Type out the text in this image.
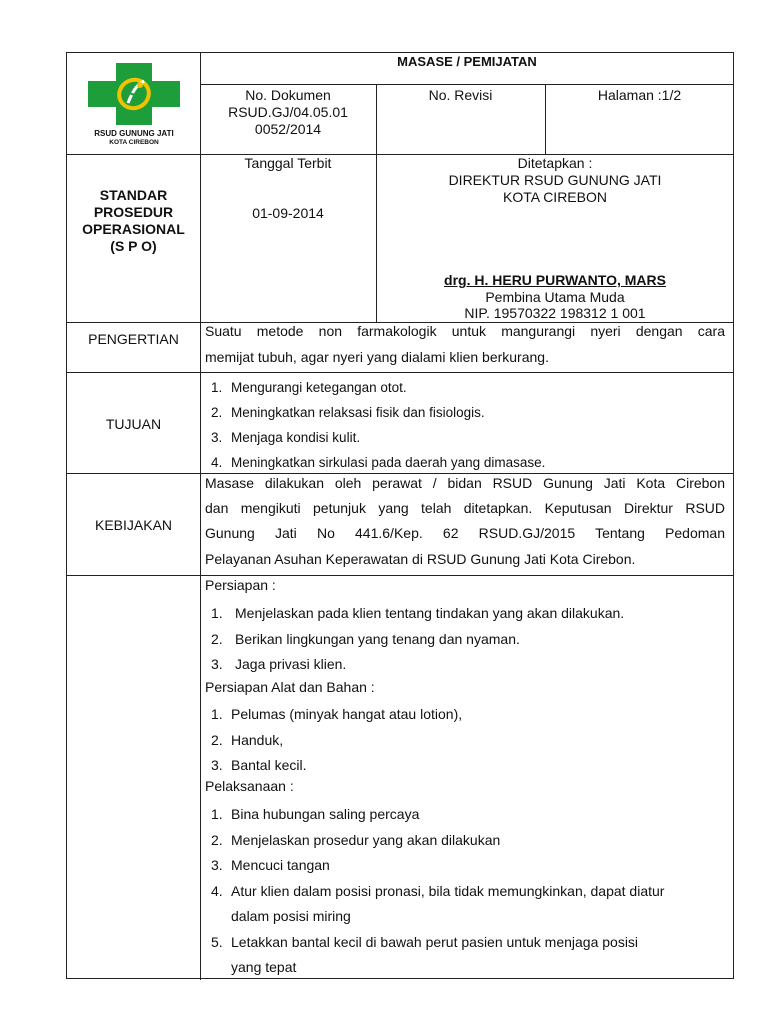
RSUD GUNUNG JATI
KOTA CIREBON
MASASE / PEMIJATAN
No. Dokumen
RSUD.GJ/04.05.01
0052/2014
No. Revisi	Halaman :1/2
STANDAR
PROSEDUR
OPERASIONAL
(S P O)
Tanggal Terbit
01-09-2014
Ditetapkan :
DIREKTUR RSUD GUNUNG JATI
KOTA CIREBON
drg. H. HERU PURWANTO, MARS
Pembina Utama Muda
NIP. 19570322 198312 1 001
PENGERTIAN	Suatu metode non farmakologik untuk mangurangi nyeri dengan cara
memijat tubuh, agar nyeri yang dialami klien berkurang.
TUJUAN
1. Mengurangi ketegangan otot.
2. Meningkatkan relaksasi fisik dan fisiologis.
3. Menjaga kondisi kulit.
4. Meningkatkan sirkulasi pada daerah yang dimasase.
KEBIJAKAN
Masase dilakukan oleh perawat / bidan RSUD Gunung Jati Kota Cirebon
dan mengikuti petunjuk yang telah ditetapkan. Keputusan Direktur RSUD
Gunung Jati No 441.6/Kep. 62 RSUD.GJ/2015 Tentang Pedoman
Pelayanan Asuhan Keperawatan di RSUD Gunung Jati Kota Cirebon.
Persiapan :
1. Menjelaskan pada klien tentang tindakan yang akan dilakukan.
2. Berikan lingkungan yang tenang dan nyaman.
3. Jaga privasi klien.
Persiapan Alat dan Bahan :
1. Pelumas (minyak hangat atau lotion),
2. Handuk,
3. Bantal kecil.
Pelaksanaan :
1. Bina hubungan saling percaya
2. Menjelaskan prosedur yang akan dilakukan
3. Mencuci tangan
4. Atur klien dalam posisi pronasi, bila tidak memungkinkan, dapat diatur
dalam posisi miring
5. Letakkan bantal kecil di bawah perut pasien untuk menjaga posisi
yang tepat
